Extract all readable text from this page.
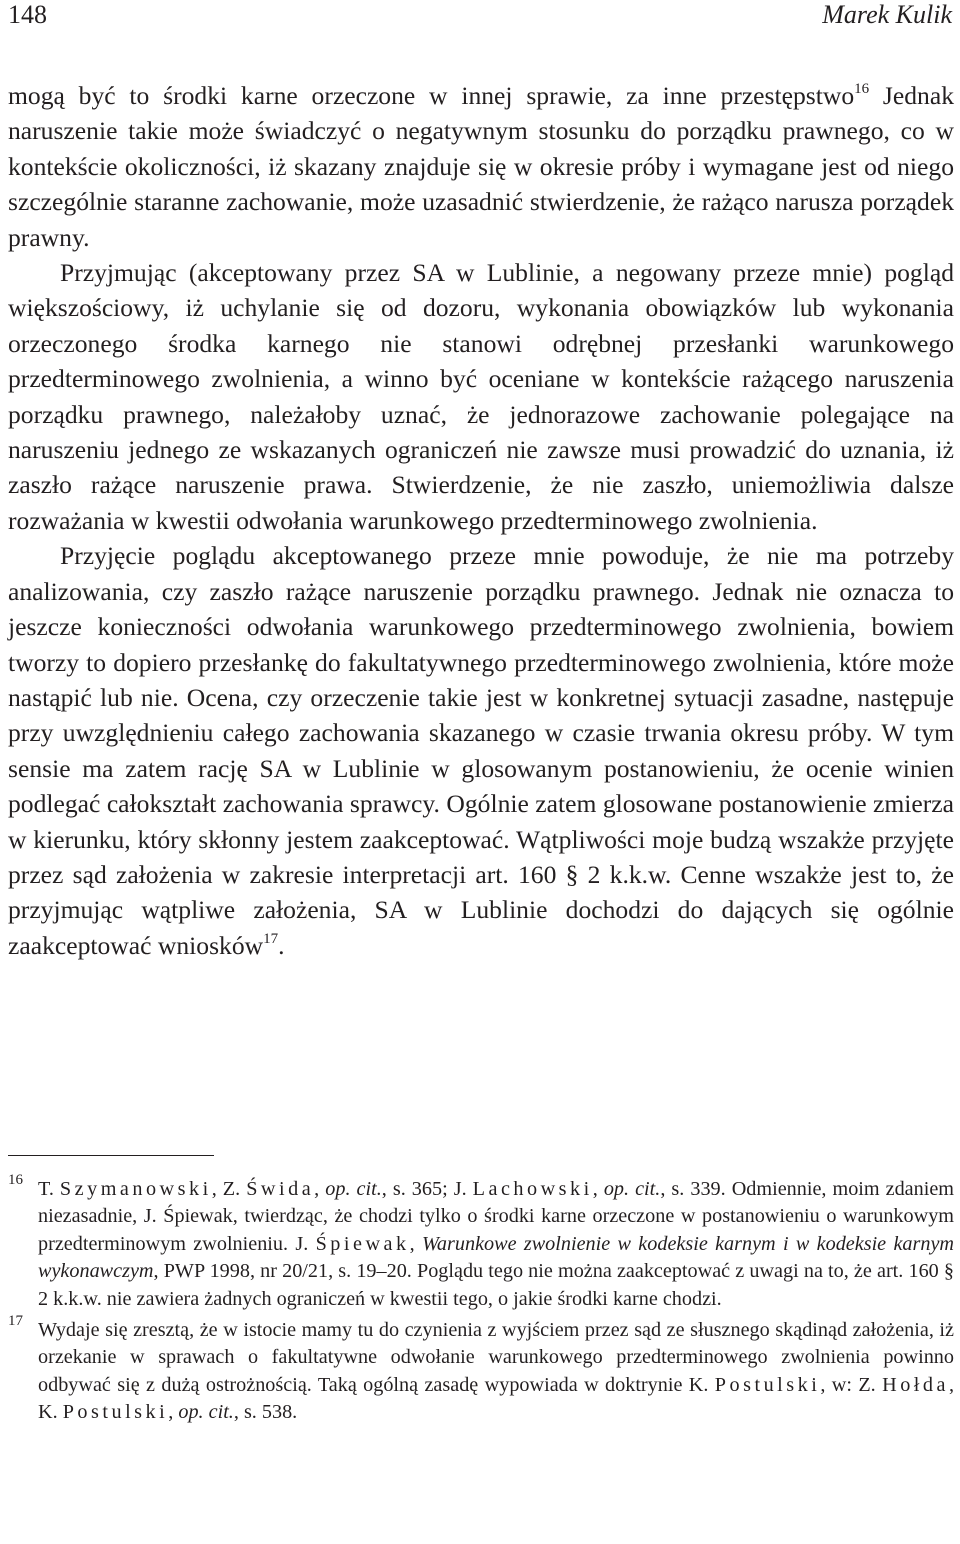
148	Marek Kulik

mogą być to środki karne orzeczone w innej sprawie, za inne przestępstwo$^{16}$ Jednak naruszenie takie może świadczyć o negatywnym stosunku do porządku prawnego, co w kontekście okoliczności, iż skazany znajduje się w okresie próby i wymagane jest od niego szczególnie staranne zachowanie, może uzasadnić stwierdzenie, że rażąco narusza porządek prawny.

Przyjmując (akceptowany przez SA w Lublinie, a negowany przeze mnie) pogląd większościowy, iż uchylanie się od dozoru, wykonania obowiązków lub wykonania orzeczonego środka karnego nie stanowi odrębnej przesłanki warunkowego przedterminowego zwolnienia, a winno być oceniane w kontekście rażącego naruszenia porządku prawnego, należałoby uznać, że jednorazowe zachowanie polegające na naruszeniu jednego ze wskazanych ograniczeń nie zawsze musi prowadzić do uznania, iż zaszło rażące naruszenie prawa. Stwierdzenie, że nie zaszło, uniemożliwia dalsze rozważania w kwestii odwołania warunkowego przedterminowego zwolnienia.

Przyjęcie poglądu akceptowanego przeze mnie powoduje, że nie ma potrzeby analizowania, czy zaszło rażące naruszenie porządku prawnego. Jednak nie oznacza to jeszcze konieczności odwołania warunkowego przedterminowego zwolnienia, bowiem tworzy to dopiero przesłankę do fakultatywnego przedterminowego zwolnienia, które może nastąpić lub nie. Ocena, czy orzeczenie takie jest w konkretnej sytuacji zasadne, następuje przy uwzględnieniu całego zachowania skazanego w czasie trwania okresu próby. W tym sensie ma zatem rację SA w Lublinie w glosowanym postanowieniu, że ocenie winien podlegać całokształt zachowania sprawcy. Ogólnie zatem glosowane postanowienie zmierza w kierunku, który skłonny jestem zaakceptować. Wątpliwości moje budzą wszakże przyjęte przez sąd założenia w zakresie interpretacji art. 160 § 2 k.k.w. Cenne wszakże jest to, że przyjmując wątpliwe założenia, SA w Lublinie dochodzi do dających się ogólnie zaakceptować wniosków$^{17}$.

16 T. Szymanowski, Z. Świda, op. cit., s. 365; J. Lachowski, op. cit., s. 339. Odmiennie, moim zdaniem niezasadnie, J. Śpiewak, twierdząc, że chodzi tylko o środki karne orzeczone w postanowieniu o warunkowym przedterminowym zwolnieniu. J. Śpiewak, Warunkowe zwolnienie w kodeksie karnym i w kodeksie karnym wykonawczym, PWP 1998, nr 20/21, s. 19–20. Poglądu tego nie można zaakceptować z uwagi na to, że art. 160 § 2 k.k.w. nie zawiera żadnych ograniczeń w kwestii tego, o jakie środki karne chodzi.
17 Wydaje się zresztą, że w istocie mamy tu do czynienia z wyjściem przez sąd ze słusznego skądinąd założenia, iż orzekanie w sprawach o fakultatywne odwołanie warunkowego przedterminowego zwolnienia powinno odbywać się z dużą ostrożnością. Taką ogólną zasadę wypowiada w doktrynie K. Postulski, w: Z. Hołda, K. Postulski, op. cit., s. 538.
